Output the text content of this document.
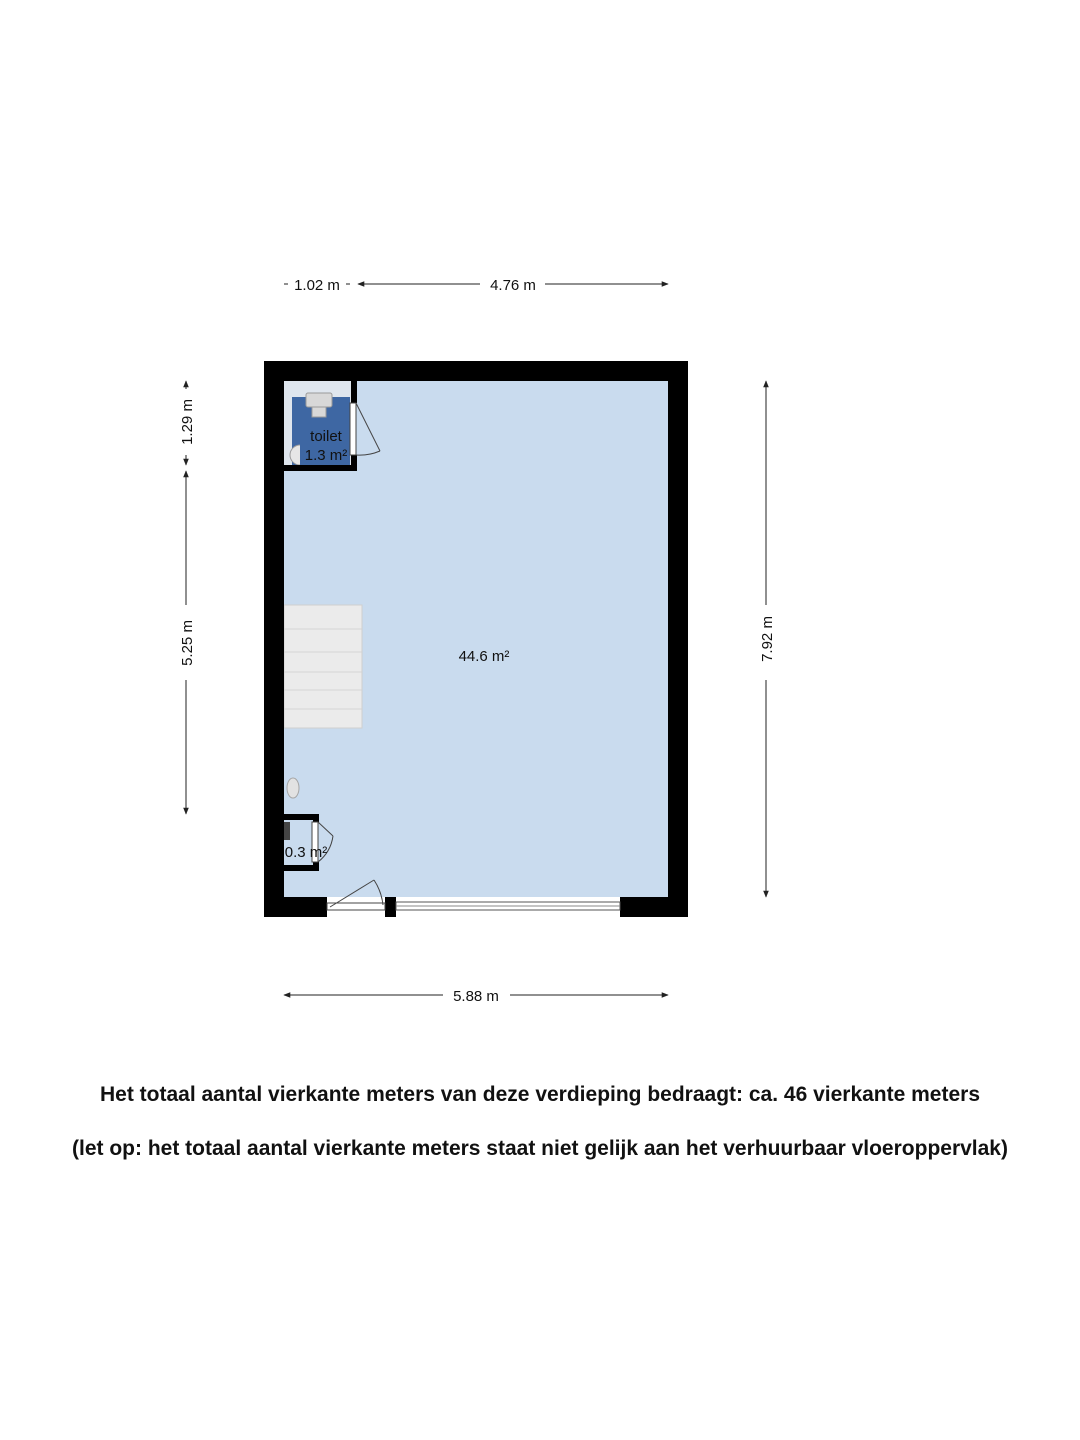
toilet
1.3 m²
44.6 m²
0.3 m²
1.02 m	4.76 m
1.29 m
5.25 m	7.92 m
5.88 m
Het totaal aantal vierkante meters van deze verdieping bedraagt: ca. 46 vierkante meters
(let op: het totaal aantal vierkante meters staat niet gelijk aan het verhuurbaar vloeroppervlak)
